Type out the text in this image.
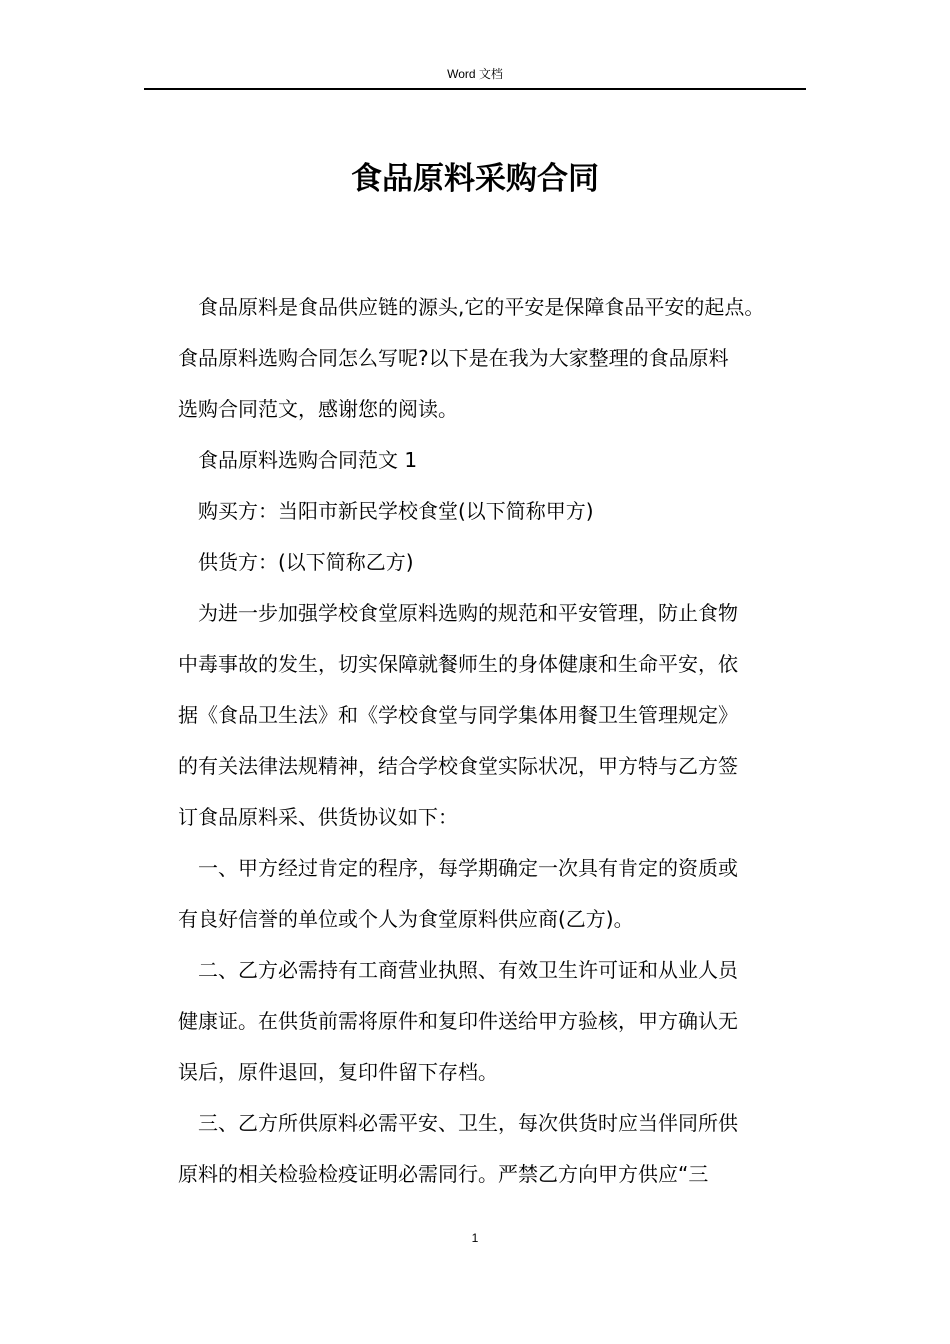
Word 文档
食品原料采购合同
食品原料是食品供应链的源头,它的平安是保障食品平安的起点。
食品原料选购合同怎么写呢?以下是在我为大家整理的食品原料
选购合同范文，感谢您的阅读。
食品原料选购合同范文 1
购买方：当阳市新民学校食堂(以下简称甲方)
供货方：(以下简称乙方)
为进一步加强学校食堂原料选购的规范和平安管理，防止食物
中毒事故的发生，切实保障就餐师生的身体健康和生命平安，依
据《食品卫生法》和《学校食堂与同学集体用餐卫生管理规定》
的有关法律法规精神，结合学校食堂实际状况，甲方特与乙方签
订食品原料采、供货协议如下：
一、甲方经过肯定的程序，每学期确定一次具有肯定的资质或
有良好信誉的单位或个人为食堂原料供应商(乙方)。
二、乙方必需持有工商营业执照、有效卫生许可证和从业人员
健康证。在供货前需将原件和复印件送给甲方验核，甲方确认无
误后，原件退回，复印件留下存档。
三、乙方所供原料必需平安、卫生，每次供货时应当伴同所供
原料的相关检验检疫证明必需同行。严禁乙方向甲方供应“三
1
